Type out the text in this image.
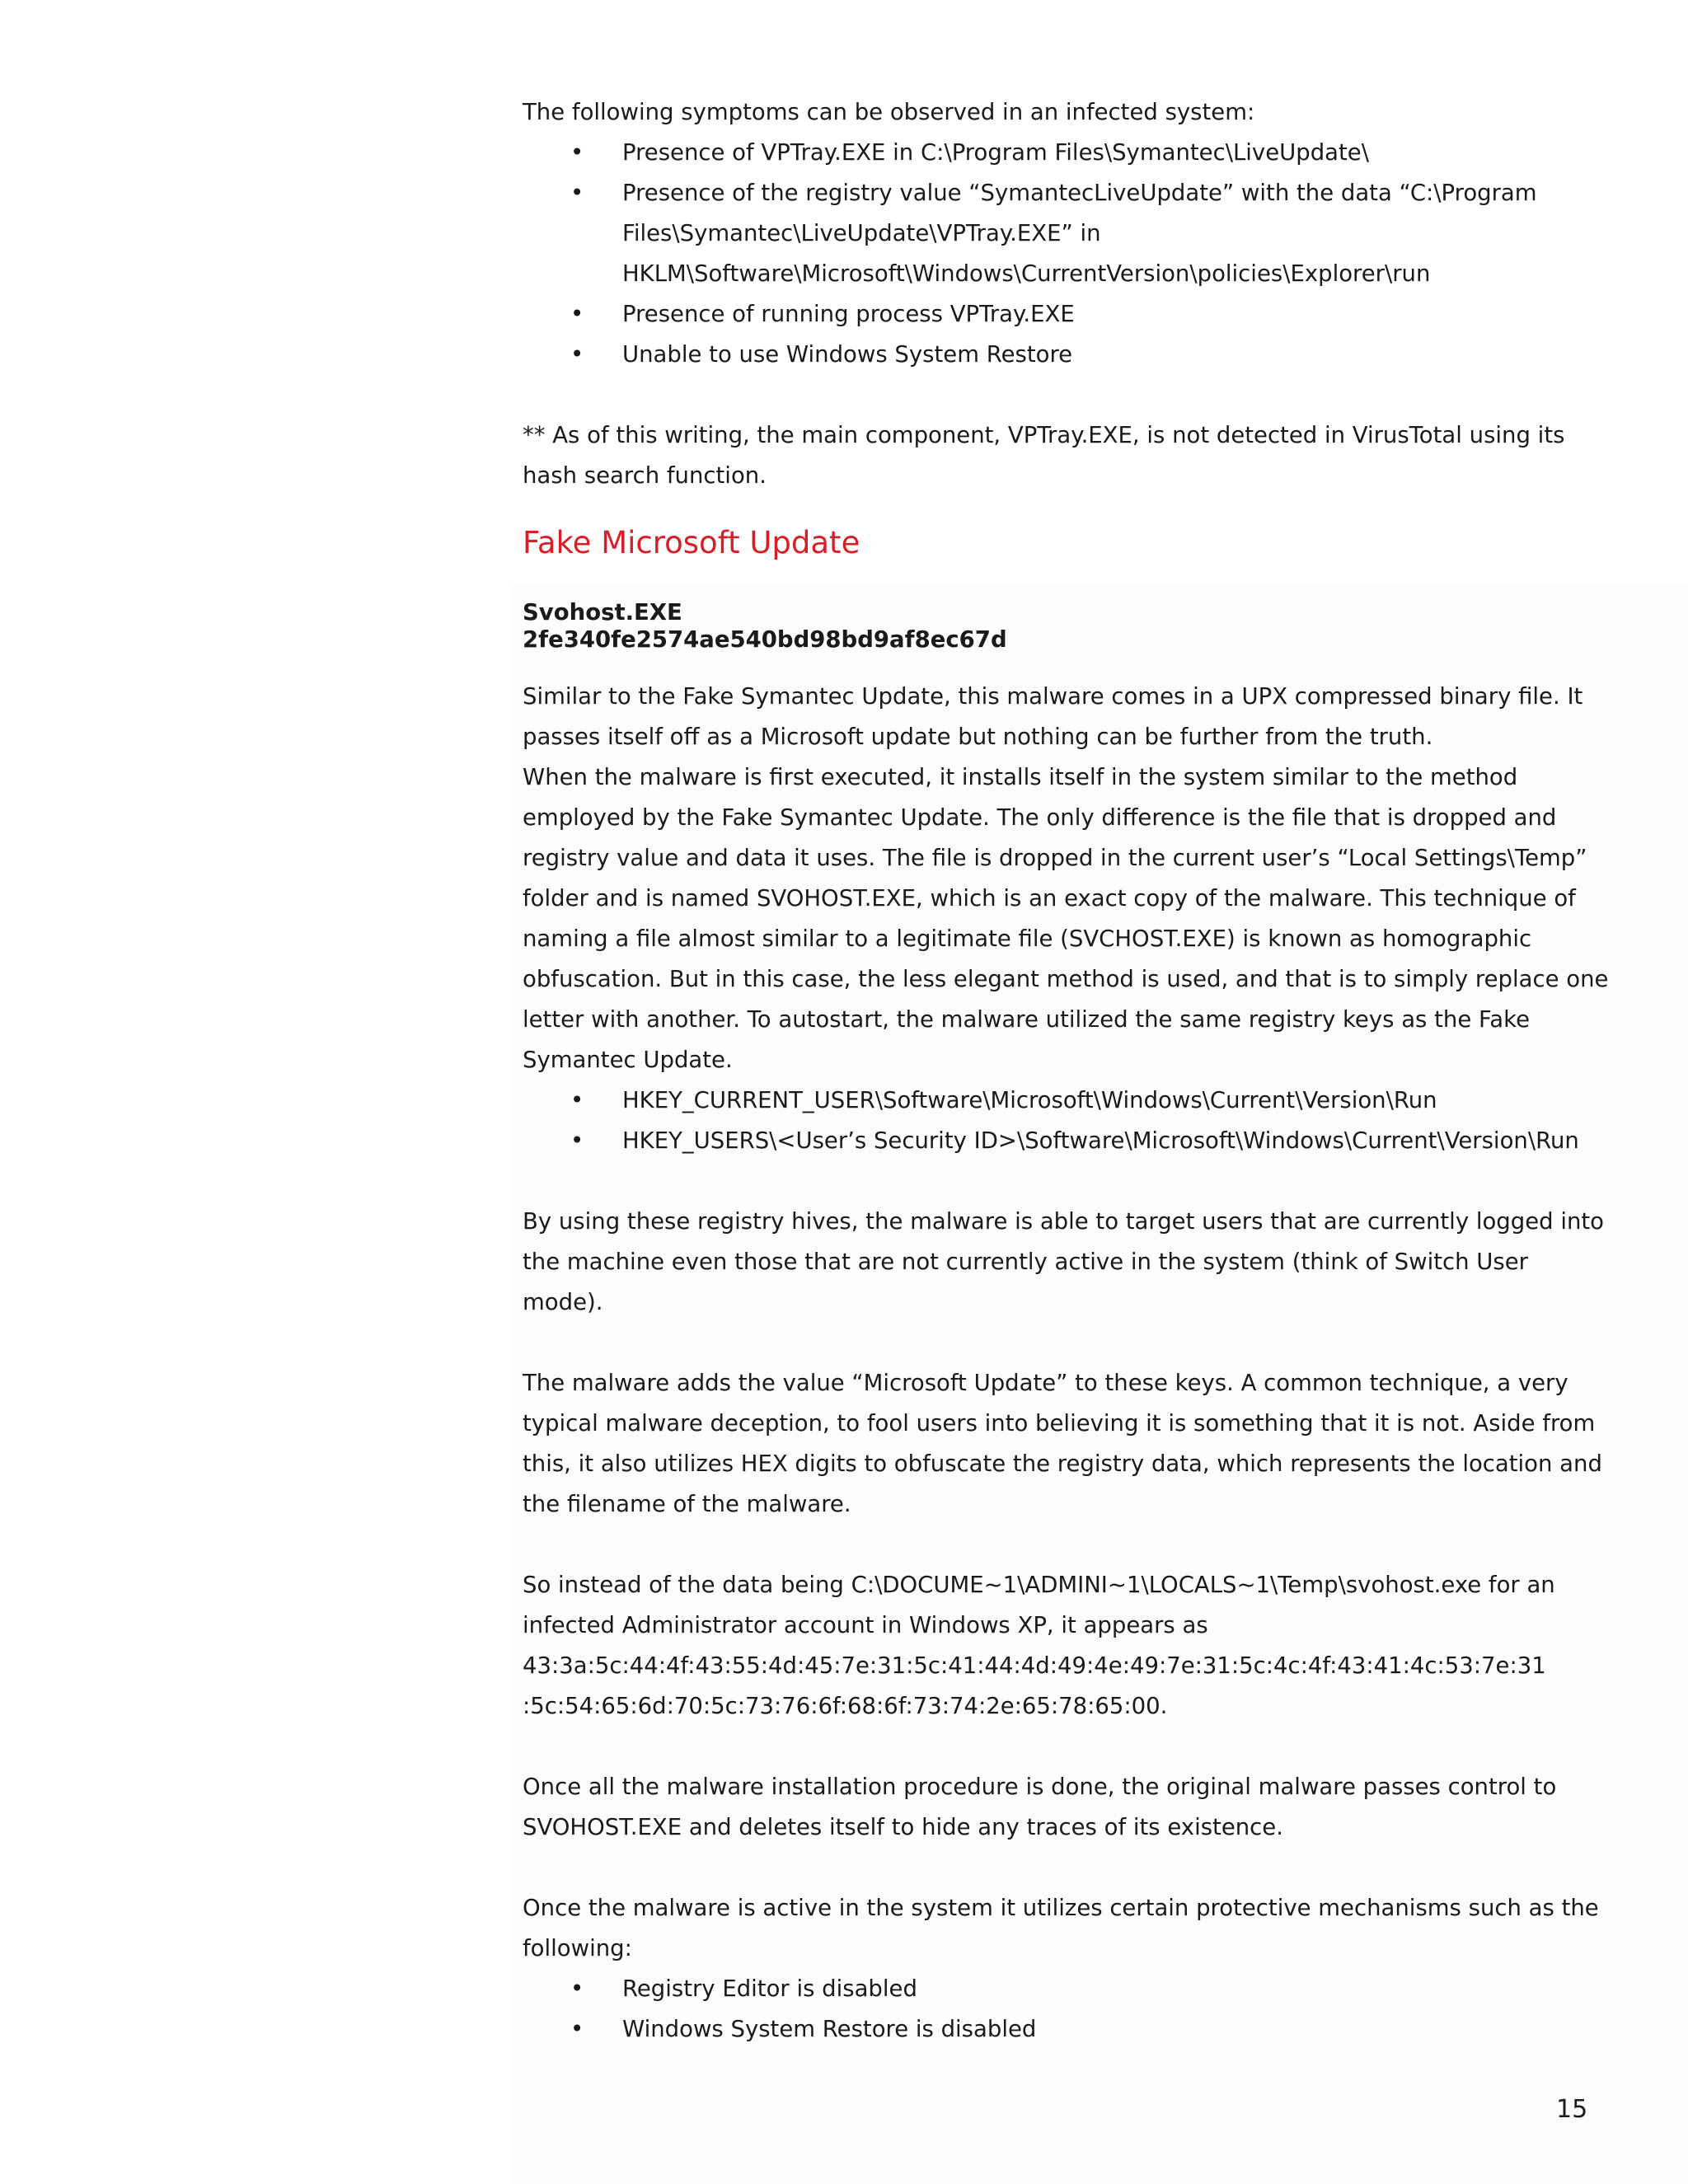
The following symptoms can be observed in an infected system:

• Presence of VPTray.EXE in C:\Program Files\Symantec\LiveUpdate\
• Presence of the registry value “SymantecLiveUpdate” with the data “C:\Program Files\Symantec\LiveUpdate\VPTray.EXE” in HKLM\Software\Microsoft\Windows\CurrentVersion\policies\Explorer\run
• Presence of running process VPTray.EXE
• Unable to use Windows System Restore

** As of this writing, the main component, VPTray.EXE, is not detected in VirusTotal using its hash search function.

Fake Microsoft Update
Svohost.EXE
2fe340fe2574ae540bd98bd9af8ec67d

Similar to the Fake Symantec Update, this malware comes in a UPX compressed binary file. It passes itself off as a Microsoft update but nothing can be further from the truth.

When the malware is first executed, it installs itself in the system similar to the method employed by the Fake Symantec Update. The only difference is the file that is dropped and registry value and data it uses. The file is dropped in the current user’s “Local Settings\Temp” folder and is named SVOHOST.EXE, which is an exact copy of the malware. This technique of naming a file almost similar to a legitimate file (SVCHOST.EXE) is known as homographic obfuscation. But in this case, the less elegant method is used, and that is to simply replace one letter with another. To autostart, the malware utilized the same registry keys as the Fake Symantec Update.

• HKEY_CURRENT_USER\Software\Microsoft\Windows\Current\Version\Run
• HKEY_USERS\<User’s Security ID>\Software\Microsoft\Windows\Current\Version\Run

By using these registry hives, the malware is able to target users that are currently logged into the machine even those that are not currently active in the system (think of Switch User mode).

The malware adds the value “Microsoft Update” to these keys. A common technique, a very typical malware deception, to fool users into believing it is something that it is not. Aside from this, it also utilizes HEX digits to obfuscate the registry data, which represents the location and the filename of the malware.

So instead of the data being C:\DOCUME~1\ADMINI~1\LOCALS~1\Temp\svohost.exe for an
infected Administrator account in Windows XP, it appears as
43:3a:5c:44:4f:43:55:4d:45:7e:31:5c:41:44:4d:49:4e:49:7e:31:5c:4c:4f:43:41:4c:53:7e:31
:5c:54:65:6d:70:5c:73:76:6f:68:6f:73:74:2e:65:78:65:00.

Once all the malware installation procedure is done, the original malware passes control to SVOHOST.EXE and deletes itself to hide any traces of its existence.

Once the malware is active in the system it utilizes certain protective mechanisms such as the following:

• Registry Editor is disabled
• Windows System Restore is disabled
15
